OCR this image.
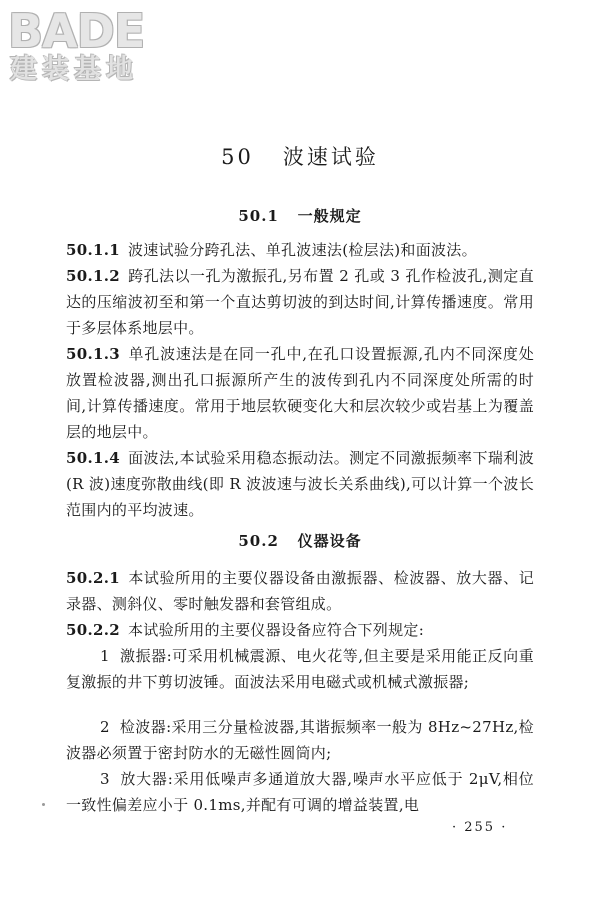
BADE
建装基地
50 波速试验
50.1 一般规定
50.1.1 波速试验分跨孔法、单孔波速法(检层法)和面波法。
50.1.2 跨孔法以一孔为激振孔,另布置 2 孔或 3 孔作检波孔,测定直达的压缩波初至和第一个直达剪切波的到达时间,计算传播速度。常用于多层体系地层中。
50.1.3 单孔波速法是在同一孔中,在孔口设置振源,孔内不同深度处放置检波器,测出孔口振源所产生的波传到孔内不同深度处所需的时间,计算传播速度。常用于地层软硬变化大和层次较少或岩基上为覆盖层的地层中。
50.1.4 面波法,本试验采用稳态振动法。测定不同激振频率下瑞利波(R 波)速度弥散曲线(即 R 波波速与波长关系曲线),可以计算一个波长范围内的平均波速。
50.2 仪器设备
50.2.1 本试验所用的主要仪器设备由激振器、检波器、放大器、记录器、测斜仪、零时触发器和套管组成。
50.2.2 本试验所用的主要仪器设备应符合下列规定:
1 激振器:可采用机械震源、电火花等,但主要是采用能正反向重复激振的井下剪切波锤。面波法采用电磁式或机械式激振器;
2 检波器:采用三分量检波器,其谐振频率一般为 8Hz~27Hz,检波器必须置于密封防水的无磁性圆筒内;
3 放大器:采用低噪声多通道放大器,噪声水平应低于 2μV,相位一致性偏差应小于 0.1ms,并配有可调的增益装置,电
· 255 ·
